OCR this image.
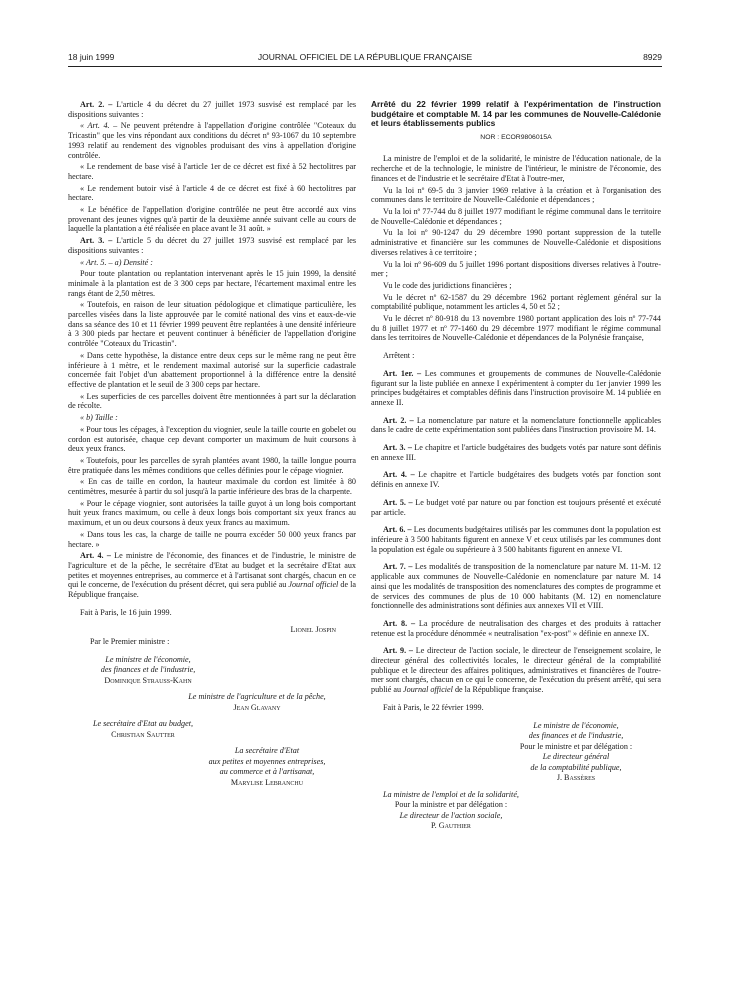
18 juin 1999	JOURNAL OFFICIEL DE LA RÉPUBLIQUE FRANÇAISE	8929

Art. 2. – L'article 4 du décret du 27 juillet 1973 susvisé est remplacé par les dispositions suivantes :

« Art. 4. – Ne peuvent prétendre à l'appellation d'origine contrôlée "Coteaux du Tricastin" que les vins répondant aux conditions du décret nº 93-1067 du 10 septembre 1993 relatif au rendement des vignobles produisant des vins à appellation d'origine contrôlée.

« Le rendement de base visé à l'article 1er de ce décret est fixé à 52 hectolitres par hectare.

« Le rendement butoir visé à l'article 4 de ce décret est fixé à 60 hectolitres par hectare.

« Le bénéfice de l'appellation d'origine contrôlée ne peut être accordé aux vins provenant des jeunes vignes qu'à partir de la deuxième année suivant celle au cours de laquelle la plantation a été réalisée en place avant le 31 août. »

Art. 3. – L'article 5 du décret du 27 juillet 1973 susvisé est remplacé par les dispositions suivantes :

« Art. 5. – a) Densité :

Pour toute plantation ou replantation intervenant après le 15 juin 1999, la densité minimale à la plantation est de 3 300 ceps par hectare, l'écartement maximal entre les rangs étant de 2,50 mètres.

« Toutefois, en raison de leur situation pédologique et climatique particulière, les parcelles visées dans la liste approuvée par le comité national des vins et eaux-de-vie dans sa séance des 10 et 11 février 1999 peuvent être replantées à une densité inférieure à 3 300 pieds par hectare et peuvent continuer à bénéficier de l'appellation d'origine contrôlée "Coteaux du Tricastin".

« Dans cette hypothèse, la distance entre deux ceps sur le même rang ne peut être inférieure à 1 mètre, et le rendement maximal autorisé sur la superficie cadastrale concernée fait l'objet d'un abattement proportionnel à la différence entre la densité effective de plantation et le seuil de 3 300 ceps par hectare.

« Les superficies de ces parcelles doivent être mentionnées à part sur la déclaration de récolte.

« b) Taille :

« Pour tous les cépages, à l'exception du viognier, seule la taille courte en gobelet ou cordon est autorisée, chaque cep devant comporter un maximum de huit coursons à deux yeux francs.

« Toutefois, pour les parcelles de syrah plantées avant 1980, la taille longue pourra être pratiquée dans les mêmes conditions que celles définies pour le cépage viognier.

« En cas de taille en cordon, la hauteur maximale du cordon est limitée à 80 centimètres, mesurée à partir du sol jusqu'à la partie inférieure des bras de la charpente.

« Pour le cépage viognier, sont autorisées la taille guyot à un long bois comportant huit yeux francs maximum, ou celle à deux longs bois comportant six yeux francs au maximum, et un ou deux coursons à deux yeux francs au maximum.

« Dans tous les cas, la charge de taille ne pourra excéder 50 000 yeux francs par hectare. »

Art. 4. – Le ministre de l'économie, des finances et de l'industrie, le ministre de l'agriculture et de la pêche, le secrétaire d'Etat au budget et la secrétaire d'Etat aux petites et moyennes entreprises, au commerce et à l'artisanat sont chargés, chacun en ce qui le concerne, de l'exécution du présent décret, qui sera publié au Journal officiel de la République française.

Fait à Paris, le 16 juin 1999.

Lionel Jospin

Par le Premier ministre :

Le ministre de l'économie,
des finances et de l'industrie,
Dominique Strauss-Kahn
Le ministre de l'agriculture et de la pêche,
Jean Glavany
Le secrétaire d'Etat au budget,
Christian Sautter
La secrétaire d'Etat
aux petites et moyennes entreprises,
au commerce et à l'artisanat,
Marylise Lebranchu

Arrêté du 22 février 1999 relatif à l'expérimentation de l'instruction budgétaire et comptable M. 14 par les communes de Nouvelle-Calédonie et leurs établissements publics

NOR : ECOR9806015A

La ministre de l'emploi et de la solidarité, le ministre de l'éducation nationale, de la recherche et de la technologie, le ministre de l'intérieur, le ministre de l'économie, des finances et de l'industrie et le secrétaire d'Etat à l'outre-mer,

Vu la loi nº 69-5 du 3 janvier 1969 relative à la création et à l'organisation des communes dans le territoire de Nouvelle-Calédonie et dépendances ;

Vu la loi nº 77-744 du 8 juillet 1977 modifiant le régime communal dans le territoire de Nouvelle-Calédonie et dépendances ;

Vu la loi nº 90-1247 du 29 décembre 1990 portant suppression de la tutelle administrative et financière sur les communes de Nouvelle-Calédonie et dispositions diverses relatives à ce territoire ;

Vu la loi nº 96-609 du 5 juillet 1996 portant dispositions diverses relatives à l'outre-mer ;

Vu le code des juridictions financières ;

Vu le décret nº 62-1587 du 29 décembre 1962 portant règlement général sur la comptabilité publique, notamment les articles 4, 50 et 52 ;

Vu le décret nº 80-918 du 13 novembre 1980 portant application des lois nº 77-744 du 8 juillet 1977 et nº 77-1460 du 29 décembre 1977 modifiant le régime communal dans les territoires de Nouvelle-Calédonie et dépendances de la Polynésie française,

Arrêtent :

Art. 1er. – Les communes et groupements de communes de Nouvelle-Calédonie figurant sur la liste publiée en annexe I expérimentent à compter du 1er janvier 1999 les principes budgétaires et comptables définis dans l'instruction provisoire M. 14 publiée en annexe II.

Art. 2. – La nomenclature par nature et la nomenclature fonctionnelle applicables dans le cadre de cette expérimentation sont publiées dans l'instruction provisoire M. 14.

Art. 3. – Le chapitre et l'article budgétaires des budgets votés par nature sont définis en annexe III.

Art. 4. – Le chapitre et l'article budgétaires des budgets votés par fonction sont définis en annexe IV.

Art. 5. – Le budget voté par nature ou par fonction est toujours présenté et exécuté par article.

Art. 6. – Les documents budgétaires utilisés par les communes dont la population est inférieure à 3 500 habitants figurent en annexe V et ceux utilisés par les communes dont la population est égale ou supérieure à 3 500 habitants figurent en annexe VI.

Art. 7. – Les modalités de transposition de la nomenclature par nature M. 11-M. 12 applicable aux communes de Nouvelle-Calédonie en nomenclature par nature M. 14 ainsi que les modalités de transposition des nomenclatures des comptes de programme et de services des communes de plus de 10 000 habitants (M. 12) en nomenclature fonctionnelle des administrations sont définies aux annexes VII et VIII.

Art. 8. – La procédure de neutralisation des charges et des produits à rattacher retenue est la procédure dénommée « neutralisation "ex-post" » définie en annexe IX.

Art. 9. – Le directeur de l'action sociale, le directeur de l'enseignement scolaire, le directeur général des collectivités locales, le directeur général de la comptabilité publique et le directeur des affaires politiques, administratives et financières de l'outre-mer sont chargés, chacun en ce qui le concerne, de l'exécution du présent arrêté, qui sera publié au Journal officiel de la République française.

Fait à Paris, le 22 février 1999.

Le ministre de l'économie,
des finances et de l'industrie,
Pour le ministre et par délégation :
Le directeur général
de la comptabilité publique,
J. Bassères
La ministre de l'emploi et de la solidarité,
Pour la ministre et par délégation :
Le directeur de l'action sociale,
P. Gauthier
